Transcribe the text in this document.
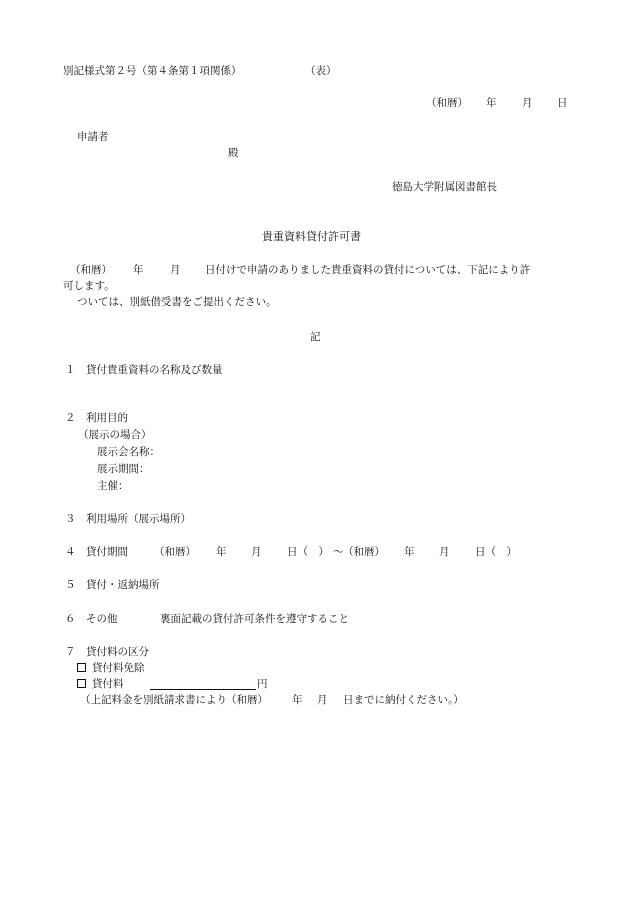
別記様式第２号（第４条第１項関係）	（表）
（和暦） 年 月 日
申請者
殿
徳島大学附属図書館長
貴重資料貸付許可書
（和暦） 年	月 日付けで申請のありました貴重資料の貸付については、下記により許
可します。
ついては、別紙借受書をご提出ください。
記
１ 貸付貴重資料の名称及び数量
２ 利用目的
（展示の場合）
展示会名称：
展示期間：
主催：
３ 利用場所（展示場所）
４ 貸付期間 （和暦） 年 月 日（　） ～ （和暦） 年 月 日（　）
５ 貸付・返納場所
６ その他	裏面記載の貸付許可条件を遵守すること
７ 貸付料の区分
貸付料免除
貸付料	円
（上記料金を別紙請求書により （和暦） 年 月 日までに納付ください。）
